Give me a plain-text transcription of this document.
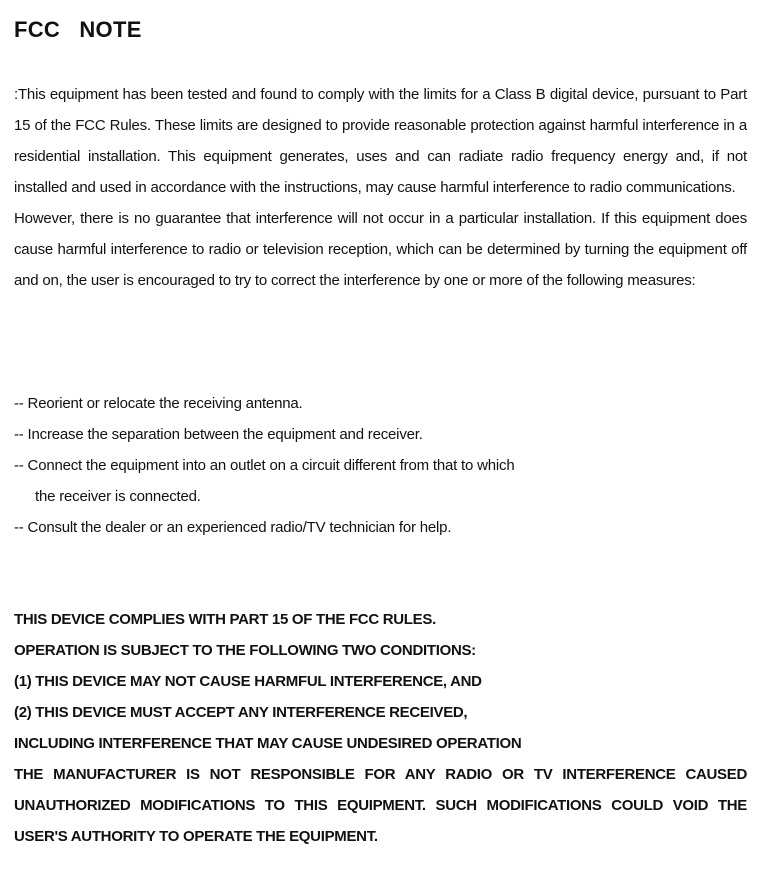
FCC   NOTE

:This equipment has been tested and found to comply with the limits for a Class B digital device, pursuant to Part 15 of the FCC Rules. These limits are designed to provide reasonable protection against harmful interference in a residential installation. This equipment generates, uses and can radiate radio frequency energy and, if not installed and used in accordance with the instructions, may cause harmful interference to radio communications.

However, there is no guarantee that interference will not occur in a particular installation. If this equipment does cause harmful interference to radio or television reception, which can be determined by turning the equipment off and on, the user is encouraged to try to correct the interference by one or more of the following measures:

-- Reorient or relocate the receiving antenna.

-- Increase the separation between the equipment and receiver.

-- Connect the equipment into an outlet on a circuit different from that to which

the receiver is connected.

-- Consult the dealer or an experienced radio/TV technician for help.

THIS DEVICE COMPLIES WITH PART 15 OF THE FCC RULES.

OPERATION IS SUBJECT TO THE FOLLOWING TWO CONDITIONS:

(1) THIS DEVICE MAY NOT CAUSE HARMFUL INTERFERENCE, AND

(2) THIS DEVICE MUST ACCEPT ANY INTERFERENCE RECEIVED,

INCLUDING INTERFERENCE THAT MAY CAUSE UNDESIRED OPERATION

THE MANUFACTURER IS NOT RESPONSIBLE FOR ANY RADIO OR TV INTERFERENCE CAUSED UNAUTHORIZED MODIFICATIONS TO THIS EQUIPMENT. SUCH MODIFICATIONS COULD VOID THE USER'S AUTHORITY TO OPERATE THE EQUIPMENT.
